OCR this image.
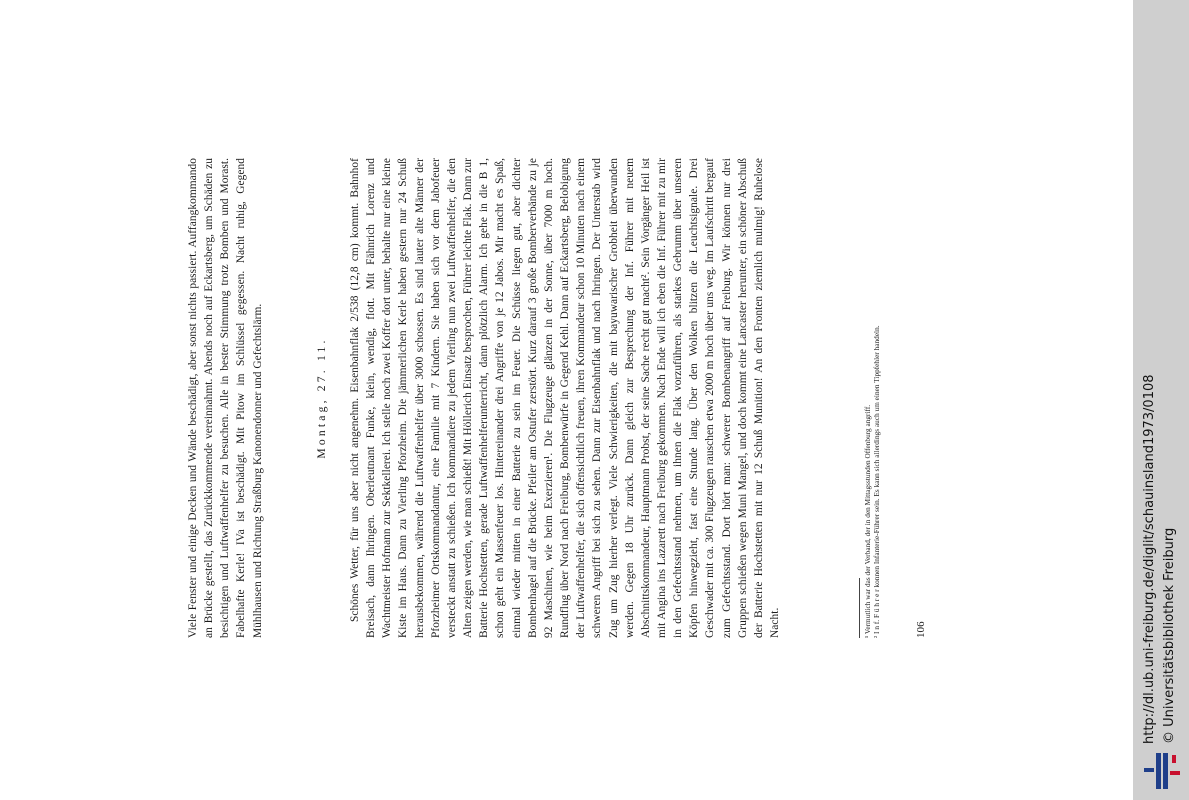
Viele Fenster und einige Decken und Wände beschädigt, aber sonst nichts passiert. Auffangkommando an Brücke gestellt, das Zurückkommende vereinnahmt. Abends noch auf Eckartsberg, um Schäden zu besichtigen und Luftwaffenhelfer zu besuchen. Alle in bester Stimmung trotz Bomben und Morast. Fabelhafte Kerle! IVa ist beschädigt. Mit Pitow im Schlüssel gegessen. Nacht ruhig, Gegend Mühlhausen und Richtung Straßburg Kanonendonner und Gefechtslärm.	Montag, 27. 11. Schönes Wetter, für uns aber nicht angenehm. Eisenbahnflak 2/538 (12,8 cm) kommt. Bahnhof Breisach, dann Ihringen. Oberleutnant Funke, klein, wendig, flott. Mit Fähnrich Lorenz und Wachtmeister Hofmann zur Sektkellerei. Ich stelle noch zwei Koffer dort unter, behalte nur eine kleine Kiste im Haus. Dann zu Vierling Pforzheim. Die jämmerlichen Kerle haben gestern nur 24 Schuß herausbekommen, während die Luftwaffenhelfer über 3000 schossen. Es sind lauter alte Männer der Pforzheimer Ortskommandantur, eine Familie mit 7 Kindern. Sie haben sich vor dem Jabofeuer versteckt anstatt zu schießen. Ich kommandiere zu jedem Vierling nun zwei Luftwaffenhelfer, die den Alten zeigen werden, wie man schießt! Mit Höllerich Einsatz besprochen, Führer leichte Flak. Dann zur Batterie Hochstetten, gerade Luftwaffenhelferunterricht, dann plötzlich Alarm. Ich gehe in die B 1, schon geht ein Massenfeuer los. Hintereinander drei Angriffe von je 12 Jabos. Mir macht es Spaß, einmal wieder mitten in einer Batterie zu sein im Feuer. Die Schüsse liegen gut, aber dichter Bombenhagel auf die Brücke. Pfeiler am Ostufer zerstört. Kurz darauf 3 große Bomberverbände zu je 92 Maschinen, wie beim Exerzieren¹. Die Flugzeuge glänzen in der Sonne, über 7000 m hoch. Rundflug über Nord nach Freiburg, Bombenwürfe in Gegend Kehl. Dann auf Eckartsberg, Belobigung der Luftwaffenhelfer, die sich offensichtlich freuen, ihren Kommandeur schon 10 Minuten nach einem schweren Angriff bei sich zu sehen. Dann zur Eisenbahnflak und nach Ihringen. Der Unterstab wird Zug um Zug hierher verlegt. Viele Schwierigkeiten, die mit bayuwarischer Grobheit überwunden werden. Gegen 18 Uhr zurück. Dann gleich zur Besprechung der Inf. Führer mit neuem Abschnittskommandeur, Hauptmann Probst, der seine Sache recht gut macht². Sein Vorgänger Heil ist mit Angina ins Lazarett nach Freiburg gekommen. Nach Ende will ich eben die Inf. Führer mit zu mir in den Gefechtsstand nehmen, um ihnen die Flak vorzuführen, als starkes Gebrumm über unseren Köpfen hinwegzieht, fast eine Stunde lang. Über den Wolken blitzen die Leuchtsignale. Drei Geschwader mit ca. 300 Flugzeugen rauschen etwa 2000 m hoch über uns weg. Im Laufschritt bergauf zum Gefechtsstand. Dort hört man: schwerer Bombenangriff auf Freiburg. Wir können nur drei Gruppen schießen wegen Muni Mangel, und doch kommt eine Lancaster herunter, ein schöner Abschuß der Batterie Hochstetten mit nur 12 Schuß Munition! An den Fronten ziemlich mulmig! Ruhelose Nacht.	¹ Vermutlich war das der Verband, der in den Mittagsstunden Offenburg angriff. ² I n f. F ü h r e r konnen Infanterie-Führer sein. Es kann sich allerdings auch um einen Tippfehler handeln.	106	http://dl.ub.uni-freiburg.de/diglit/schauinsland1973/0108 © Universitätsbibliothek Freiburg
